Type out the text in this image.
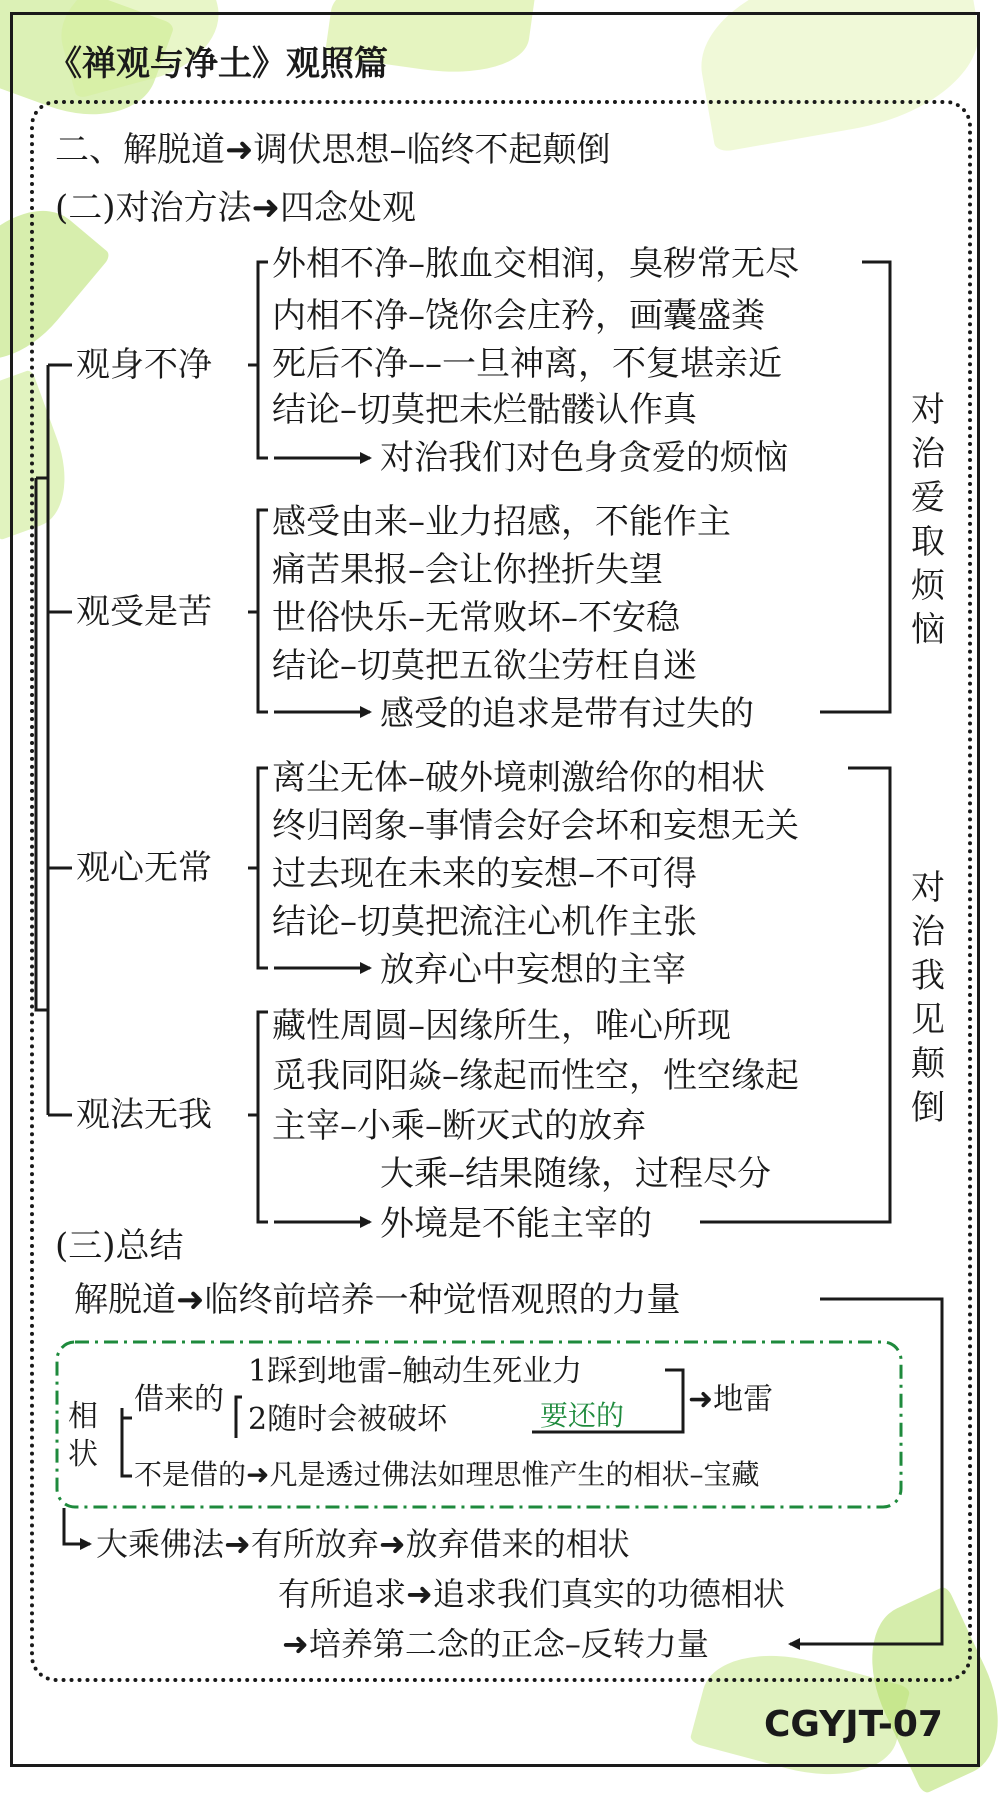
《禅观与净土》观照篇
二、解脱道➜调伏思想–临终不起颠倒
(二)对治方法➜四念处观
观身不净
观受是苦
观心无常
观法无我
外相不净–脓血交相润，臭秽常无尽
内相不净–饶你会庄矜，画囊盛粪
死后不净––一旦神离，不复堪亲近
结论–切莫把未烂骷髅认作真
对治我们对色身贪爱的烦恼
感受由来–业力招感，不能作主
痛苦果报–会让你挫折失望
世俗快乐–无常败坏–不安稳
结论–切莫把五欲尘劳枉自迷
感受的追求是带有过失的
离尘无体–破外境刺激给你的相状
终归罔象–事情会好会坏和妄想无关
过去现在未来的妄想–不可得
结论–切莫把流注心机作主张
放弃心中妄想的主宰
藏性周圆–因缘所生，唯心所现
觅我同阳焱–缘起而性空，性空缘起
主宰–小乘–断灭式的放弃
大乘–结果随缘，过程尽分
外境是不能主宰的
对
治
爱
取
烦
恼
对
治
我
见
颠
倒
(三)总结
解脱道➜临终前培养一种觉悟观照的力量
相
状
借来的
1踩到地雷–触动生死业力
2随时会被破坏	要还的 ➜地雷
不是借的➜凡是透过佛法如理思惟产生的相状–宝藏
大乘佛法➜有所放弃➜放弃借来的相状
有所追求➜追求我们真实的功德相状
➜培养第二念的正念–反转力量
CGYJT-07
